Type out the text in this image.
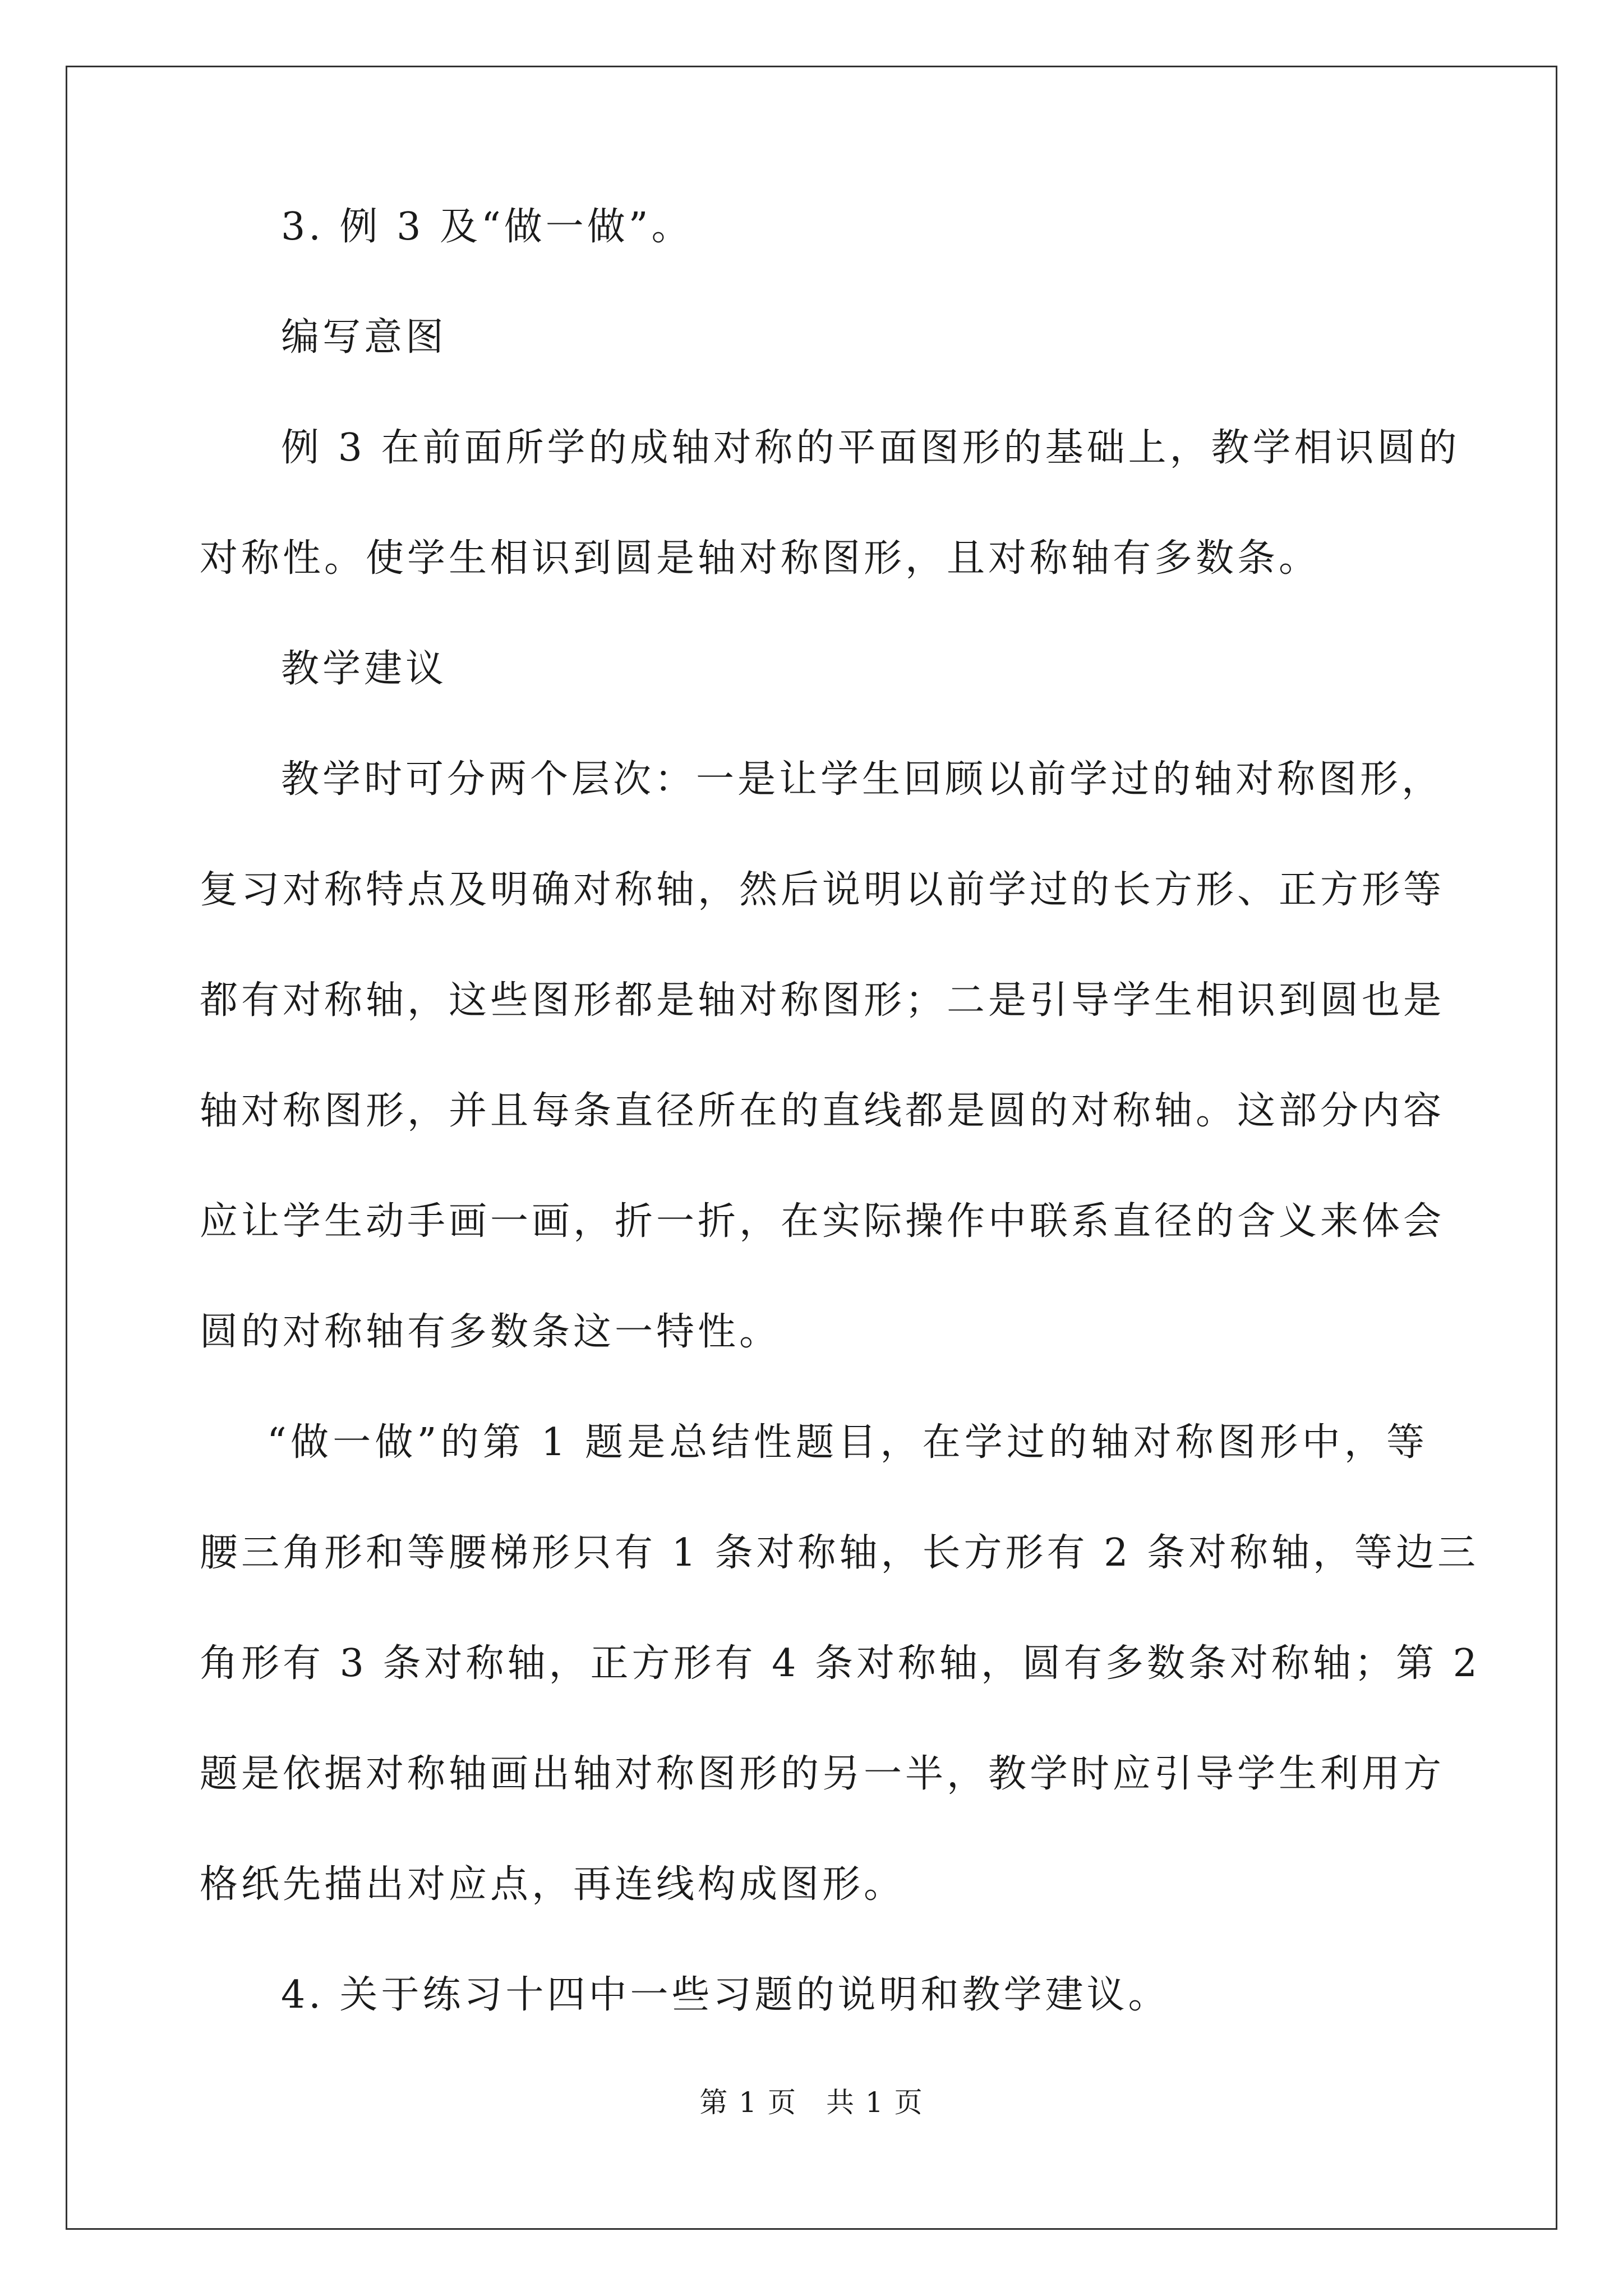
3. 例 3 及“做一做”。
编写意图
例 3 在前面所学的成轴对称的平面图形的基础上，教学相识圆的
对称性。使学生相识到圆是轴对称图形，且对称轴有多数条。
教学建议
教学时可分两个层次：一是让学生回顾以前学过的轴对称图形，
复习对称特点及明确对称轴，然后说明以前学过的长方形、正方形等
都有对称轴，这些图形都是轴对称图形；二是引导学生相识到圆也是
轴对称图形，并且每条直径所在的直线都是圆的对称轴。这部分内容
应让学生动手画一画，折一折，在实际操作中联系直径的含义来体会
圆的对称轴有多数条这一特性。
“做一做”的第 1 题是总结性题目，在学过的轴对称图形中，等
腰三角形和等腰梯形只有 1 条对称轴，长方形有 2 条对称轴，等边三
角形有 3 条对称轴，正方形有 4 条对称轴，圆有多数条对称轴；第 2
题是依据对称轴画出轴对称图形的另一半，教学时应引导学生利用方
格纸先描出对应点，再连线构成图形。
4. 关于练习十四中一些习题的说明和教学建议。
第 1 页　共 1 页
